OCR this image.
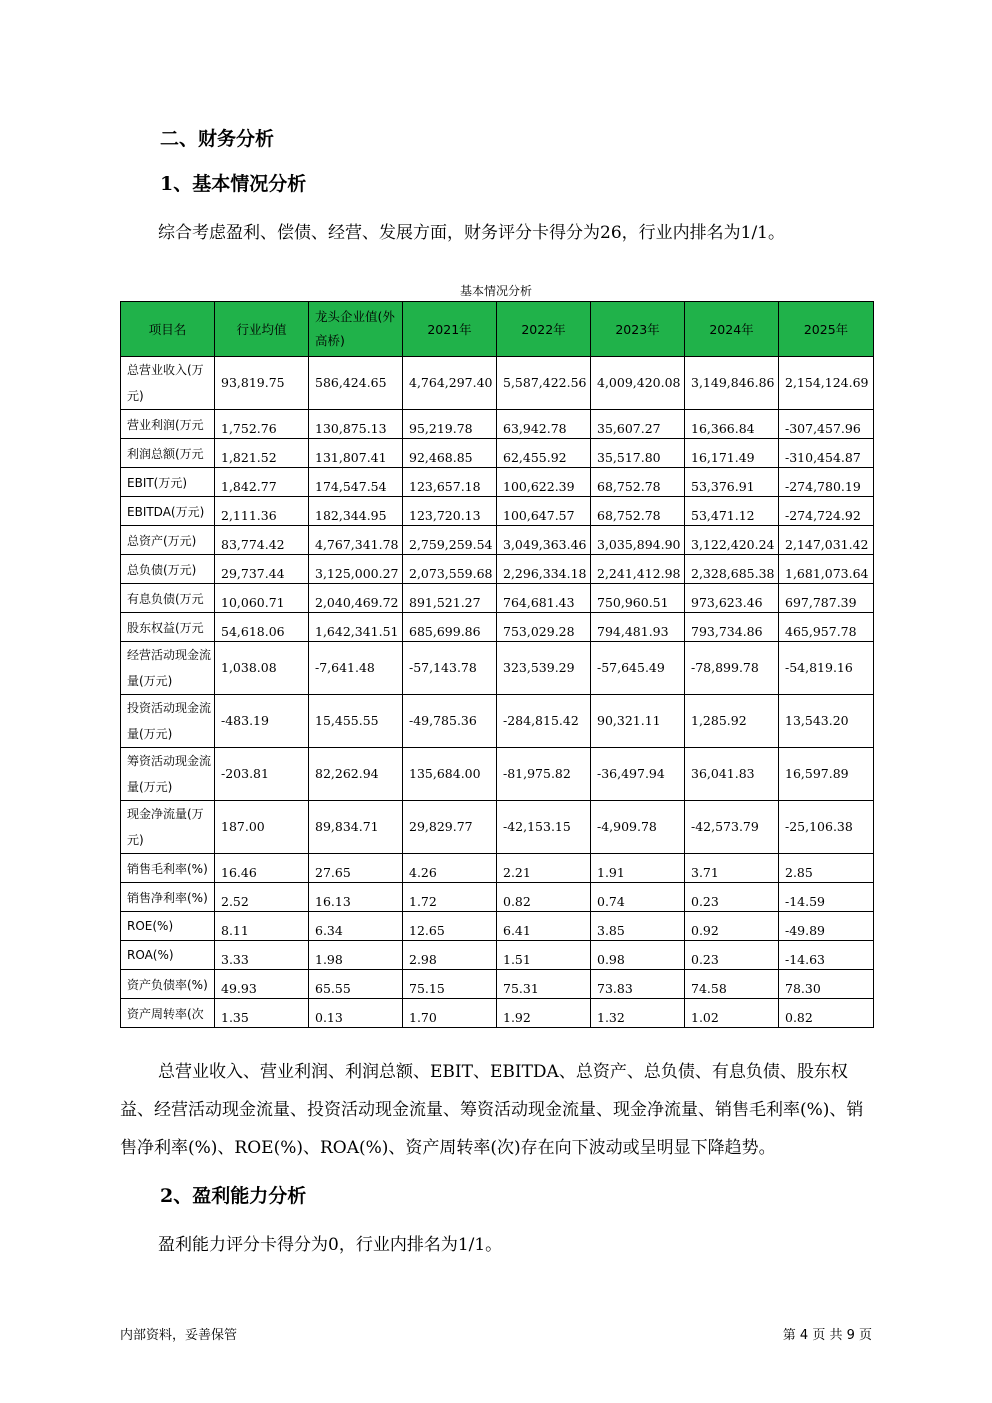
二、财务分析
1、基本情况分析
综合考虑盈利、偿债、经营、发展方面，财务评分卡得分为26，行业内排名为1/1。
基本情况分析
项目名	行业均值	龙头企业值(外高桥)	2021年	2022年	2023年	2024年	2025年
总营业收入(万元)	93,819.75	586,424.65	4,764,297.40	5,587,422.56	4,009,420.08	3,149,846.86	2,154,124.69
营业利润(万元	1,752.76	130,875.13	95,219.78	63,942.78	35,607.27	16,366.84	-307,457.96
利润总额(万元	1,821.52	131,807.41	92,468.85	62,455.92	35,517.80	16,171.49	-310,454.87
EBIT(万元)	1,842.77	174,547.54	123,657.18	100,622.39	68,752.78	53,376.91	-274,780.19
EBITDA(万元)	2,111.36	182,344.95	123,720.13	100,647.57	68,752.78	53,471.12	-274,724.92
总资产(万元)	83,774.42	4,767,341.78	2,759,259.54	3,049,363.46	3,035,894.90	3,122,420.24	2,147,031.42
总负债(万元)	29,737.44	3,125,000.27	2,073,559.68	2,296,334.18	2,241,412.98	2,328,685.38	1,681,073.64
有息负债(万元	10,060.71	2,040,469.72	891,521.27	764,681.43	750,960.51	973,623.46	697,787.39
股东权益(万元	54,618.06	1,642,341.51	685,699.86	753,029.28	794,481.93	793,734.86	465,957.78
经营活动现金流量(万元)	1,038.08	-7,641.48	-57,143.78	323,539.29	-57,645.49	-78,899.78	-54,819.16
投资活动现金流量(万元)	-483.19	15,455.55	-49,785.36	-284,815.42	90,321.11	1,285.92	13,543.20
筹资活动现金流量(万元)	-203.81	82,262.94	135,684.00	-81,975.82	-36,497.94	36,041.83	16,597.89
现金净流量(万元)	187.00	89,834.71	29,829.77	-42,153.15	-4,909.78	-42,573.79	-25,106.38
销售毛利率(%)	16.46	27.65	4.26	2.21	1.91	3.71	2.85
销售净利率(%)	2.52	16.13	1.72	0.82	0.74	0.23	-14.59
ROE(%)	8.11	6.34	12.65	6.41	3.85	0.92	-49.89
ROA(%)	3.33	1.98	2.98	1.51	0.98	0.23	-14.63
资产负债率(%)	49.93	65.55	75.15	75.31	73.83	74.58	78.30
资产周转率(次	1.35	0.13	1.70	1.92	1.32	1.02	0.82
总营业收入、营业利润、利润总额、EBIT、EBITDA、总资产、总负债、有息负债、股东权益、经营活动现金流量、投资活动现金流量、筹资活动现金流量、现金净流量、销售毛利率(%)、销售净利率(%)、ROE(%)、ROA(%)、资产周转率(次)存在向下波动或呈明显下降趋势。
2、盈利能力分析
盈利能力评分卡得分为0，行业内排名为1/1。
内部资料，妥善保管	第 4 页 共 9 页
